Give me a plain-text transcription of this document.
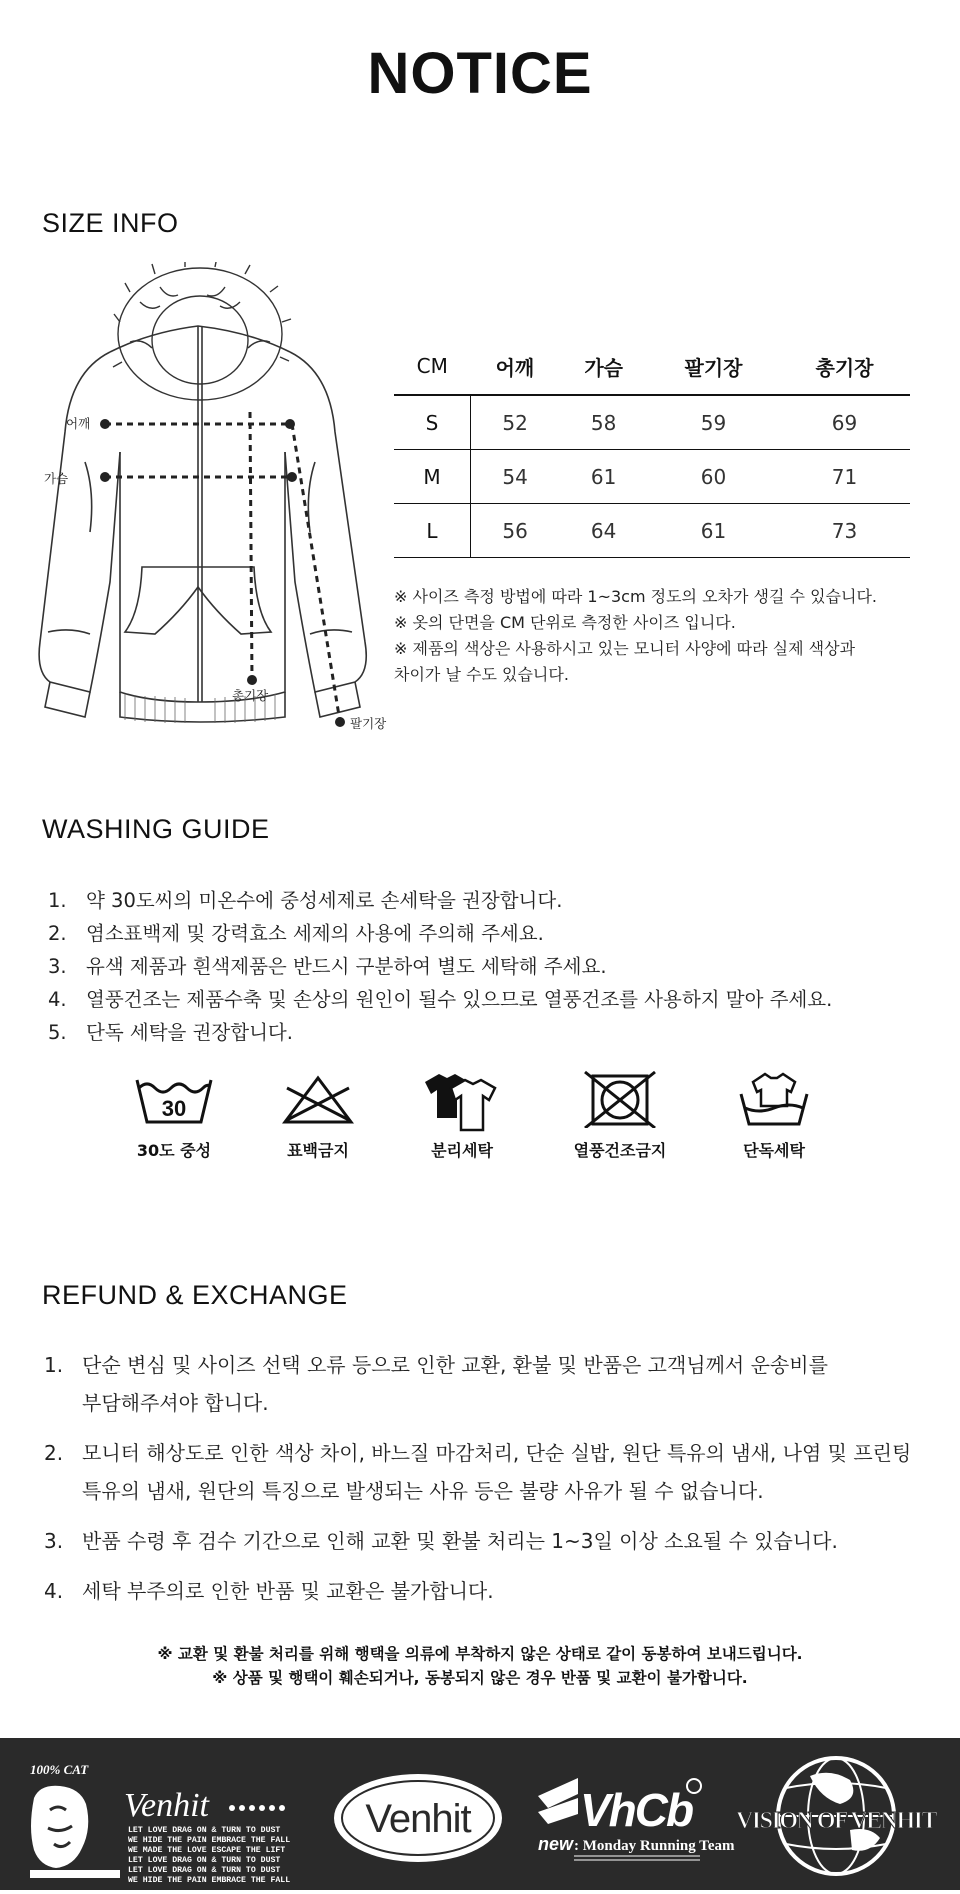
NOTICE
SIZE INFO
어깨
가슴
총기장
팔기장
CM	어깨	가슴	팔기장	총기장
S	52	58	59	69
M	54	61	60	71
L	56	64	61	73
※ 사이즈 측정 방법에 따라 1~3cm 정도의 오차가 생길 수 있습니다.
※ 옷의 단면을 CM 단위로 측정한 사이즈 입니다.
※ 제품의 색상은 사용하시고 있는 모니터 사양에 따라 실제 색상과
차이가 날 수도 있습니다.
WASHING GUIDE
1. 약 30도씨의 미온수에 중성세제로 손세탁을 권장합니다.
2. 염소표백제 및 강력효소 세제의 사용에 주의해 주세요.
3. 유색 제품과 흰색제품은 반드시 구분하여 별도 세탁해 주세요.
4. 열풍건조는 제품수축 및 손상의 원인이 될수 있으므로 열풍건조를 사용하지 말아 주세요.
5. 단독 세탁을 권장합니다.
30
30도 중성	표백금지	분리세탁	열풍건조금지	단독세탁
REFUND & EXCHANGE
1. 단순 변심 및 사이즈 선택 오류 등으로 인한 교환, 환불 및 반품은 고객님께서 운송비를
부담해주셔야 합니다.
2. 모니터 해상도로 인한 색상 차이, 바느질 마감처리, 단순 실밥, 원단 특유의 냄새, 나염 및 프린팅
특유의 냄새, 원단의 특징으로 발생되는 사유 등은 불량 사유가 될 수 없습니다.
3. 반품 수령 후 검수 기간으로 인해 교환 및 환불 처리는 1~3일 이상 소요될 수 있습니다.
4. 세탁 부주의로 인한 반품 및 교환은 불가합니다.
※ 교환 및 환불 처리를 위해 행택을 의류에 부착하지 않은 상태로 같이 동봉하여 보내드립니다.
※ 상품 및 행택이 훼손되거나, 동봉되지 않은 경우 반품 및 교환이 불가합니다.
100% CAT
Venhit
LET LOVE DRAG ON & TURN TO DUST
WE HIDE THE PAIN EMBRACE THE FALL
WE MADE THE LOVE ESCAPE THE LIFT
LET LOVE DRAG ON & TURN TO DUST
LET LOVE DRAG ON & TURN TO DUST
WE HIDE THE PAIN EMBRACE THE FALL
Venhit VhCb
new : Monday Running Team
VISION OF VENHIT
